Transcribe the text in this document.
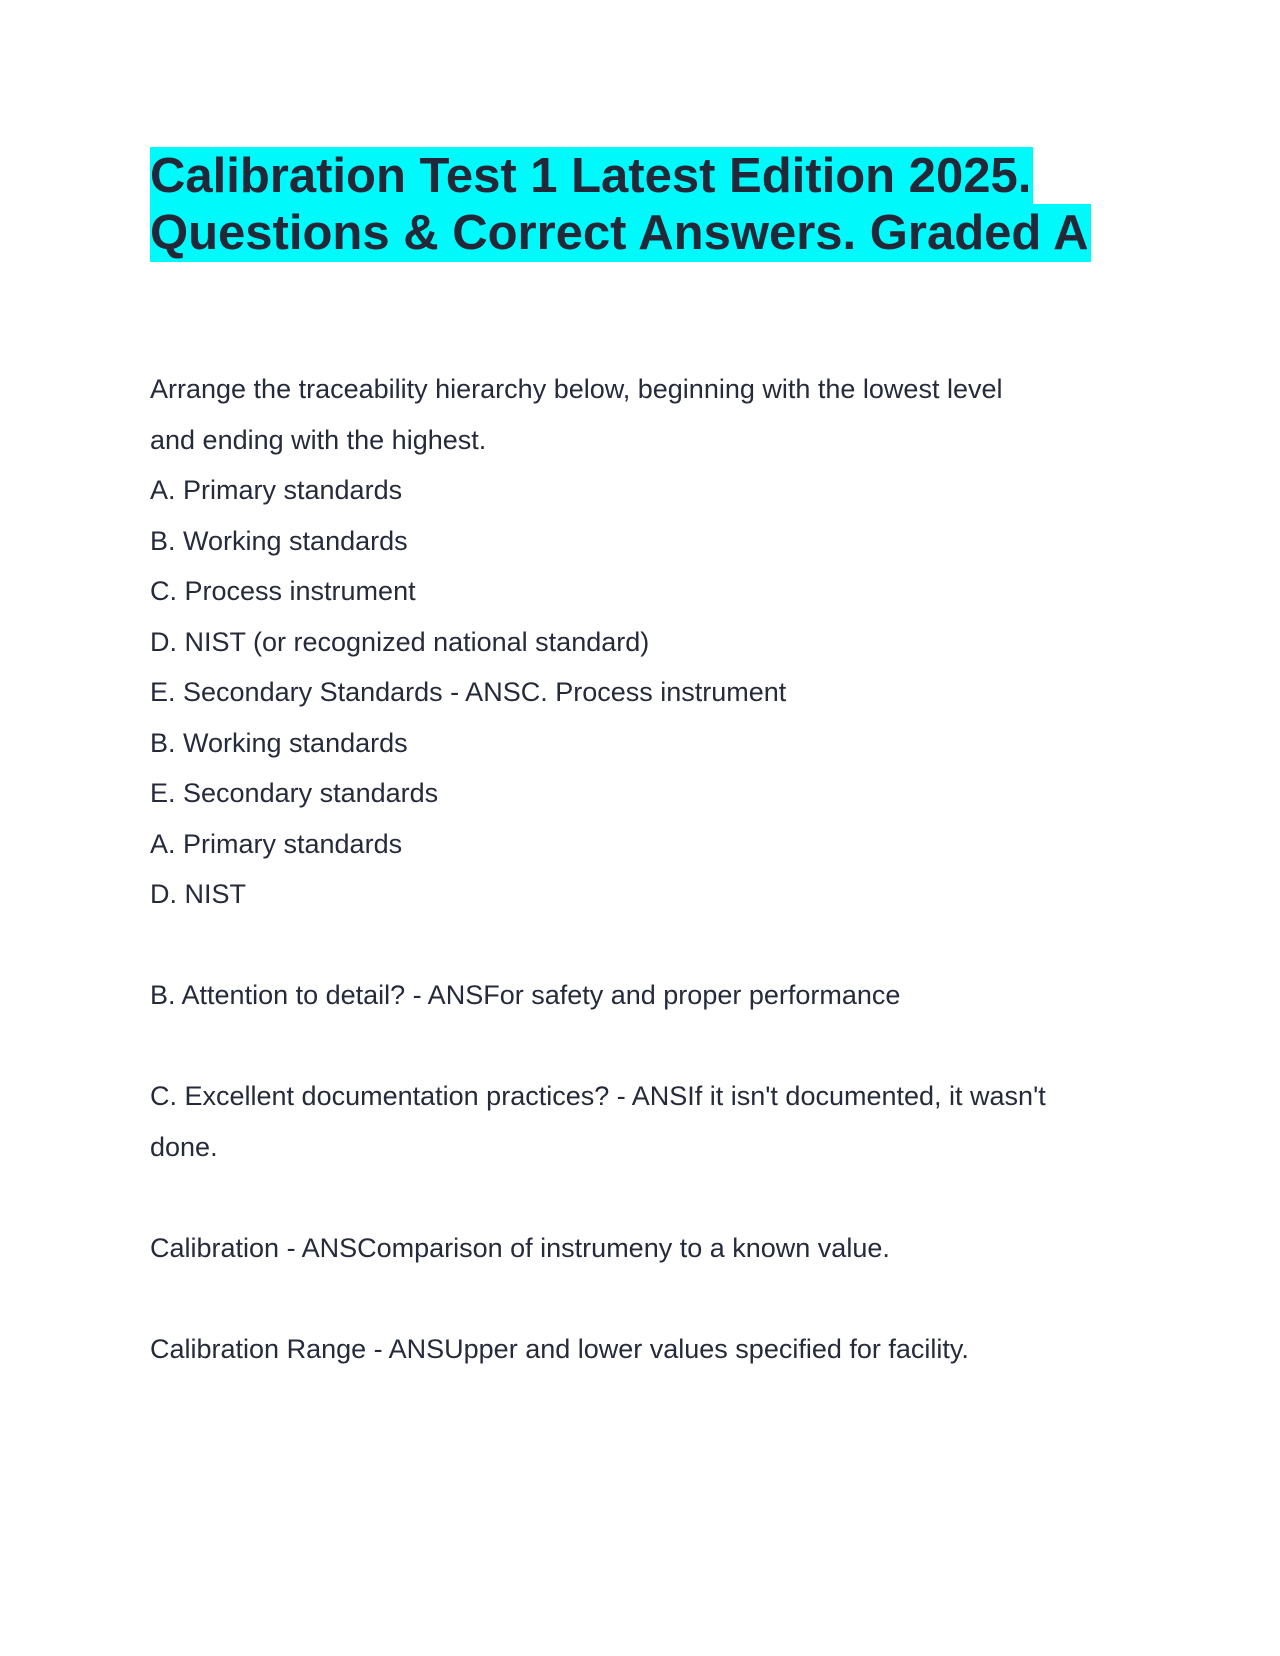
Calibration Test 1 Latest Edition 2025.
Questions & Correct Answers. Graded A
Arrange the traceability hierarchy below, beginning with the lowest level
and ending with the highest.
A. Primary standards
B. Working standards
C. Process instrument
D. NIST (or recognized national standard)
E. Secondary Standards - ANSC. Process instrument
B. Working standards
E. Secondary standards
A. Primary standards
D. NIST
B. Attention to detail? - ANSFor safety and proper performance
C. Excellent documentation practices? - ANSIf it isn't documented, it wasn't
done.
Calibration - ANSComparison of instrumeny to a known value.
Calibration Range - ANSUpper and lower values specified for facility.
